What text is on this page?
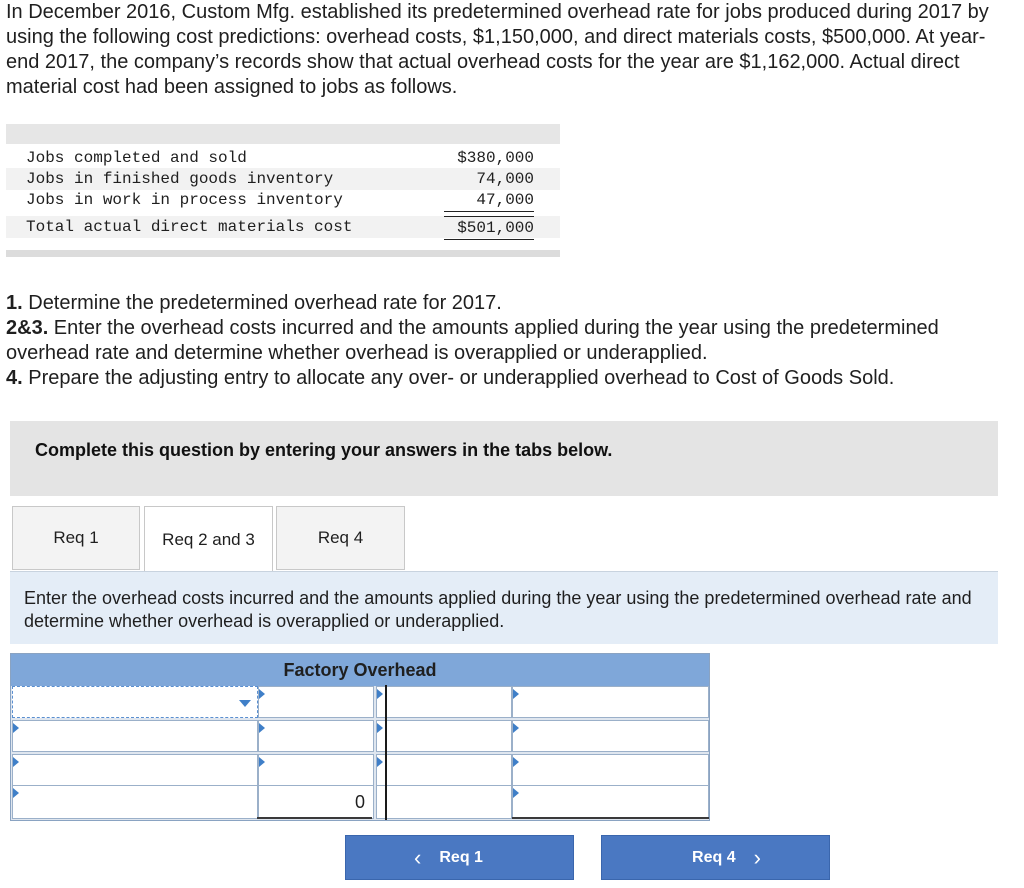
In December 2016, Custom Mfg. established its predetermined overhead rate for jobs produced during 2017 by using the following cost predictions: overhead costs, $1,150,000, and direct materials costs, $500,000. At year-end 2017, the company’s records show that actual overhead costs for the year are $1,162,000. Actual direct material cost had been assigned to jobs as follows.

Jobs completed and sold	$380,000
Jobs in finished goods inventory	74,000
Jobs in work in process inventory	47,000
Total actual direct materials cost	$501,000

1. Determine the predetermined overhead rate for 2017.

2&3. Enter the overhead costs incurred and the amounts applied during the year using the predetermined overhead rate and determine whether overhead is overapplied or underapplied.

4. Prepare the adjusting entry to allocate any over- or underapplied overhead to Cost of Goods Sold.

Complete this question by entering your answers in the tabs below.
Req 1	Req 2 and 3	Req 4
Enter the overhead costs incurred and the amounts applied during the year using the predetermined overhead rate and
determine whether overhead is overapplied or underapplied.
Factory Overhead
0
‹ Req 1	Req 4 ›
